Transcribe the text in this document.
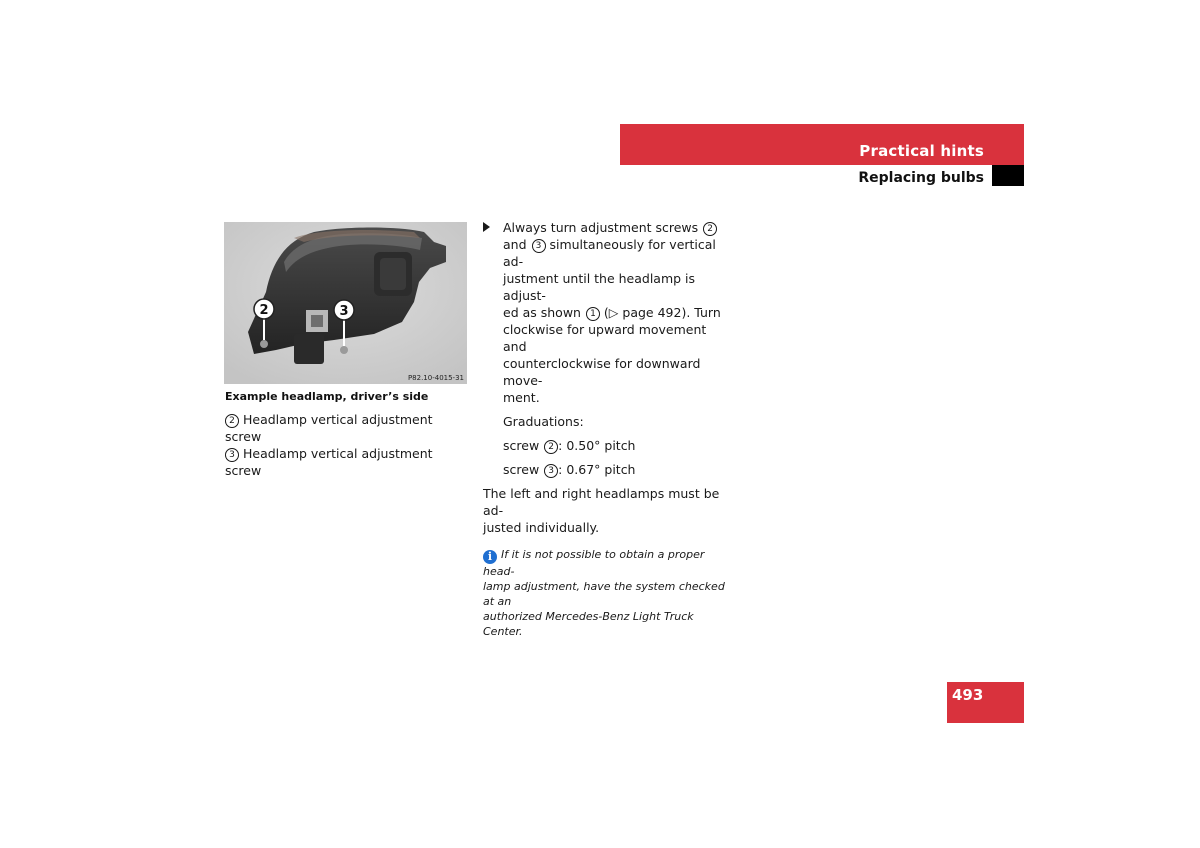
Practical hints
Replacing bulbs
2	3
P82.10-4015-31
Example headlamp, driver’s side
2 Headlamp vertical adjustment screw
3 Headlamp vertical adjustment screw
Always turn adjustment screws 2
and 3 simultaneously for vertical ad-
justment until the headlamp is adjust-
ed as shown 1 (▷ page 492). Turn
clockwise for upward movement and
counterclockwise for downward move-
ment.
Graduations:
screw 2 : 0.50° pitch
screw 3 : 0.67° pitch
The left and right headlamps must be ad-
justed individually.
i If it is not possible to obtain a proper head-
lamp adjustment, have the system checked at an
authorized Mercedes-Benz Light Truck Center.
493
